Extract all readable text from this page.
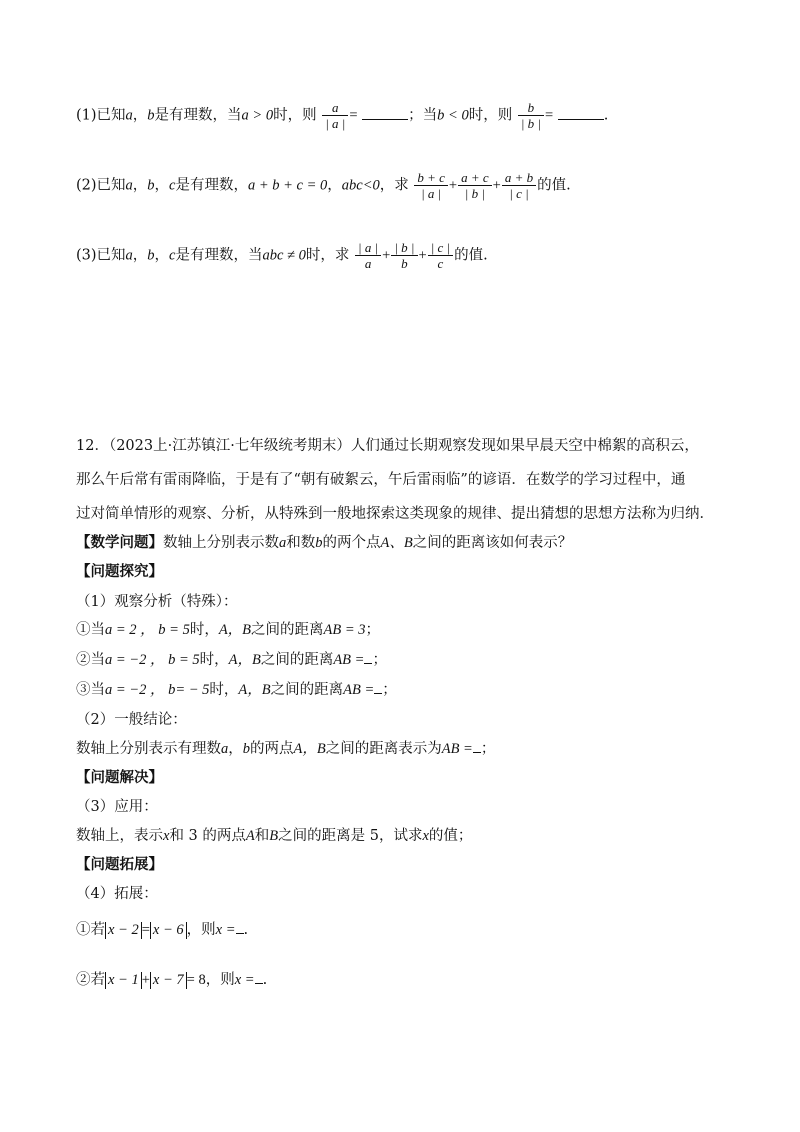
(1)已知a，b是有理数，当a > 0时，则 $\frac{a}{| a |}$ =	；当b < 0时，则 $\frac{b}{| b |}$ =	.
(2)已知a，b，c是有理数，a + b + c = 0，abc<0，求 $\frac{b + c}{| a |} + \frac{a + c}{| b |} + \frac{a + b}{| c |}$ 的值.
(3)已知a，b，c是有理数，当abc ≠ 0时，求 $\frac{| a |}{a} + \frac{| b |}{b} + \frac{| c |}{c}$ 的值.
12．（2023上·江苏镇江·七年级统考期末）人们通过长期观察发现如果早晨天空中棉絮的高积云，
那么午后常有雷雨降临，于是有了“朝有破絮云，午后雷雨临”的谚语．在数学的学习过程中，通
过对简单情形的观察、分析，从特殊到一般地探索这类现象的规律、提出猜想的思想方法称为归纳．
【数学问题】数轴上分别表示数a和数b的两个点A、B之间的距离该如何表示？
【问题探究】
（1）观察分析（特殊）：
①当a = 2 ， b = 5时，A，B之间的距离AB = 3；
②当a = −2 ， b = 5时，A，B之间的距离AB = ；
③当a = −2 ， b= − 5时，A，B之间的距离AB = ；
（2）一般结论：
数轴上分别表示有理数a，b的两点A，B之间的距离表示为AB = ；
【问题解决】
（3）应用：
数轴上，表示x和 3 的两点A和B之间的距离是 5，试求x的值；
【问题拓展】
（4）拓展：
①若 x − 2 = x − 6 ，则x = .
②若 x − 1 + x − 7 = 8，则x = .
